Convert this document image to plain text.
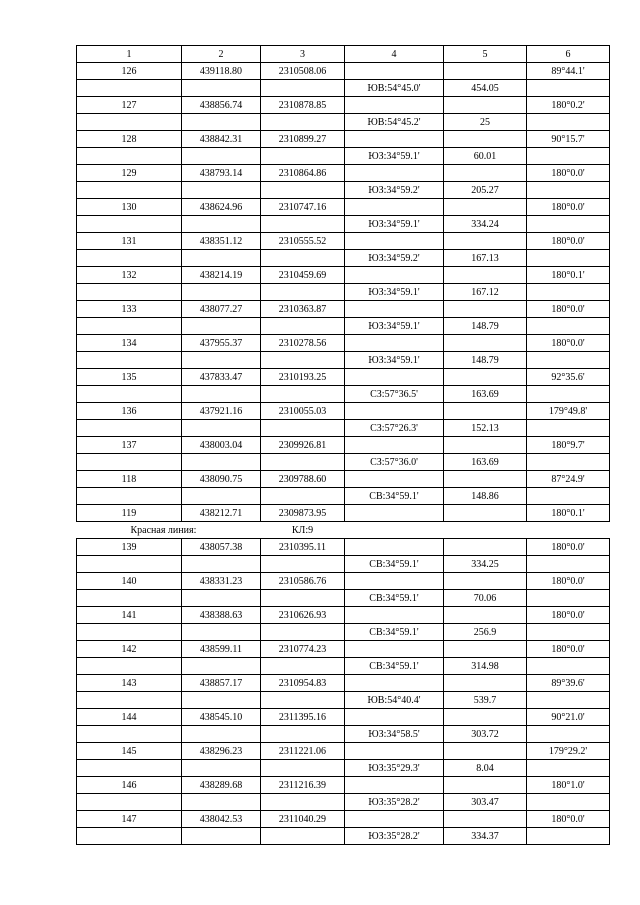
1	2	3	4	5	6
126	439118.80	2310508.06			89°44.1'
			ЮВ:54°45.0'	454.05	
127	438856.74	2310878.85			180°0.2'
			ЮВ:54°45.2'	25	
128	438842.31	2310899.27			90°15.7'
			ЮЗ:34°59.1'	60.01	
129	438793.14	2310864.86			180°0.0'
			ЮЗ:34°59.2'	205.27	
130	438624.96	2310747.16			180°0.0'
			ЮЗ:34°59.1'	334.24	
131	438351.12	2310555.52			180°0.0'
			ЮЗ:34°59.2'	167.13	
132	438214.19	2310459.69			180°0.1'
			ЮЗ:34°59.1'	167.12	
133	438077.27	2310363.87			180°0.0'
			ЮЗ:34°59.1'	148.79	
134	437955.37	2310278.56			180°0.0'
			ЮЗ:34°59.1'	148.79	
135	437833.47	2310193.25			92°35.6'
			СЗ:57°36.5'	163.69	
136	437921.16	2310055.03			179°49.8'
			СЗ:57°26.3'	152.13	
137	438003.04	2309926.81			180°9.7'
			СЗ:57°36.0'	163.69	
118	438090.75	2309788.60			87°24.9'
			СВ:34°59.1'	148.86	
119	438212.71	2309873.95			180°0.1'
Красная линия:		КЛ:9			
139	438057.38	2310395.11			180°0.0'
			СВ:34°59.1'	334.25	
140	438331.23	2310586.76			180°0.0'
			СВ:34°59.1'	70.06	
141	438388.63	2310626.93			180°0.0'
			СВ:34°59.1'	256.9	
142	438599.11	2310774.23			180°0.0'
			СВ:34°59.1'	314.98	
143	438857.17	2310954.83			89°39.6'
			ЮВ:54°40.4'	539.7	
144	438545.10	2311395.16			90°21.0'
			ЮЗ:34°58.5'	303.72	
145	438296.23	2311221.06			179°29.2'
			ЮЗ:35°29.3'	8.04	
146	438289.68	2311216.39			180°1.0'
			ЮЗ:35°28.2'	303.47	
147	438042.53	2311040.29			180°0.0'
			ЮЗ:35°28.2'	334.37	
